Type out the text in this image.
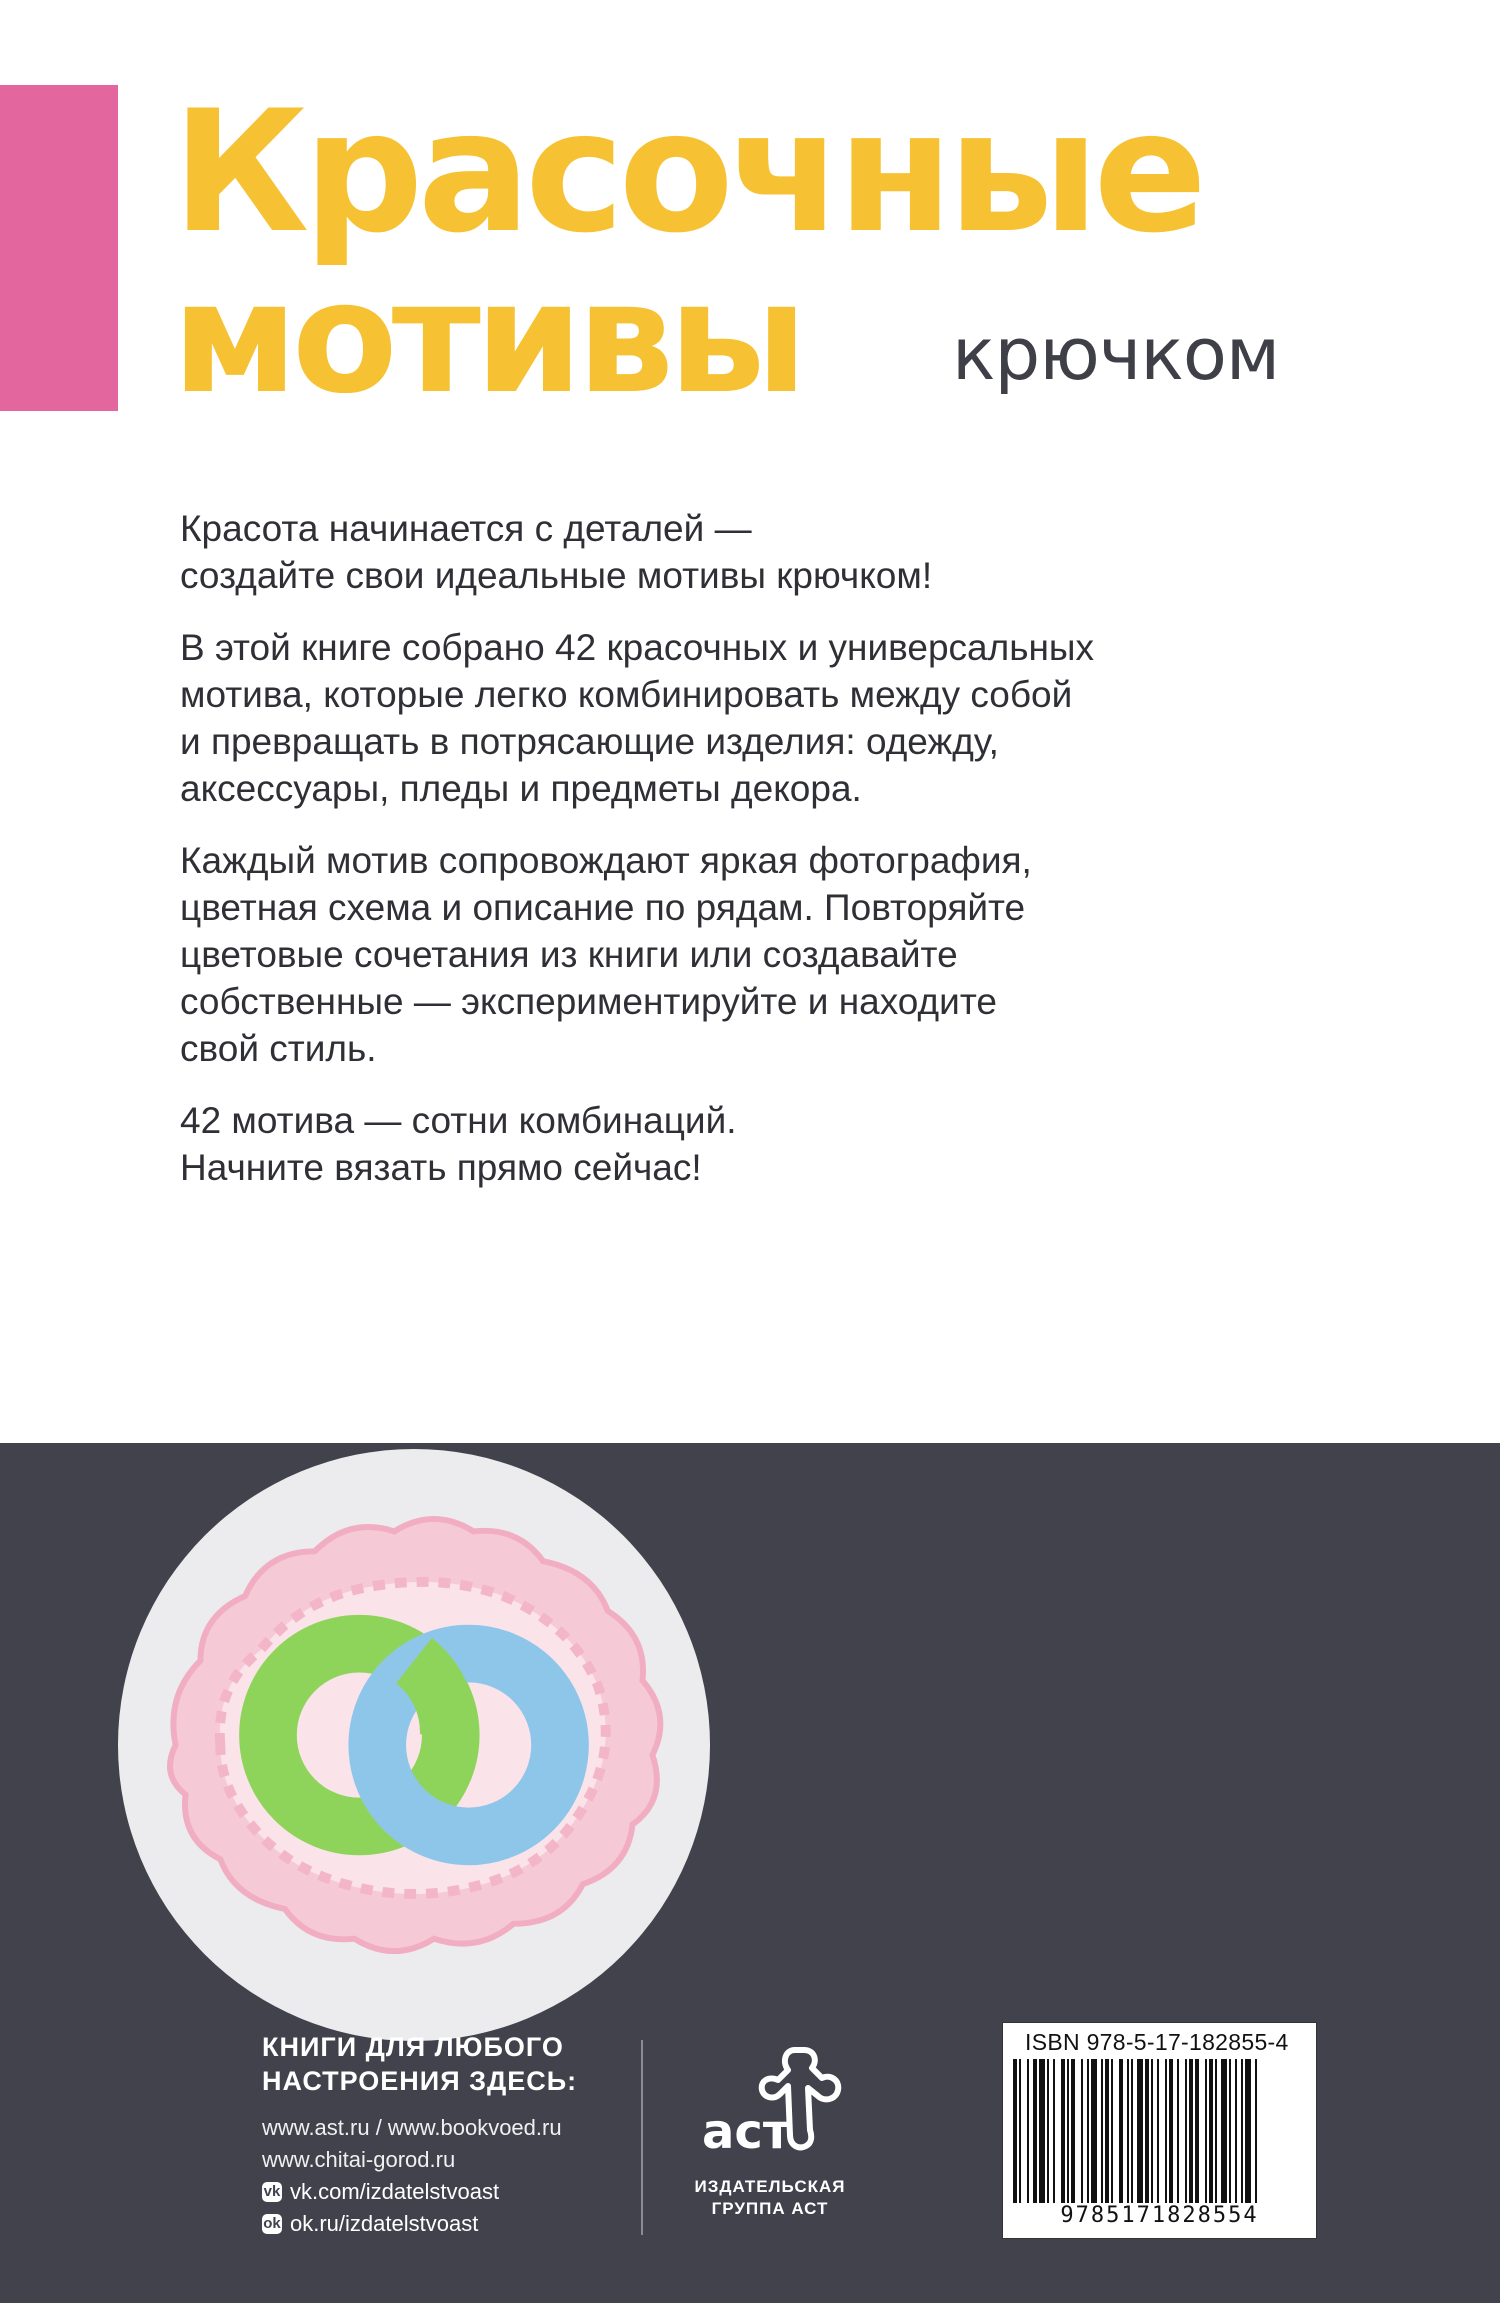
Красочные
мотивы крючком

Красота начинается с деталей —
создайте свои идеальные мотивы крючком!

В этой книге собрано 42 красочных и универсальных
мотива, которые легко комбинировать между собой
и превращать в потрясающие изделия: одежду,
аксессуары, пледы и предметы декора.

Каждый мотив сопровождают яркая фотография,
цветная схема и описание по рядам. Повторяйте
цветовые сочетания из книги или создавайте
собственные — экспериментируйте и находите
свой стиль.

42 мотива — сотни комбинаций.
Начните вязать прямо сейчас!

КНИГИ ДЛЯ ЛЮБОГО
НАСТРОЕНИЯ ЗДЕСЬ:
www.ast.ru / www.bookvoed.ru
www.chitai-gorod.ru
vk vk.com/izdatelstvoast
ok ok.ru/izdatelstvoast
аст
ИЗДАТЕЛЬСКАЯ
ГРУППА АСТ
ISBN 978-5-17-182855-4
9785171828554
